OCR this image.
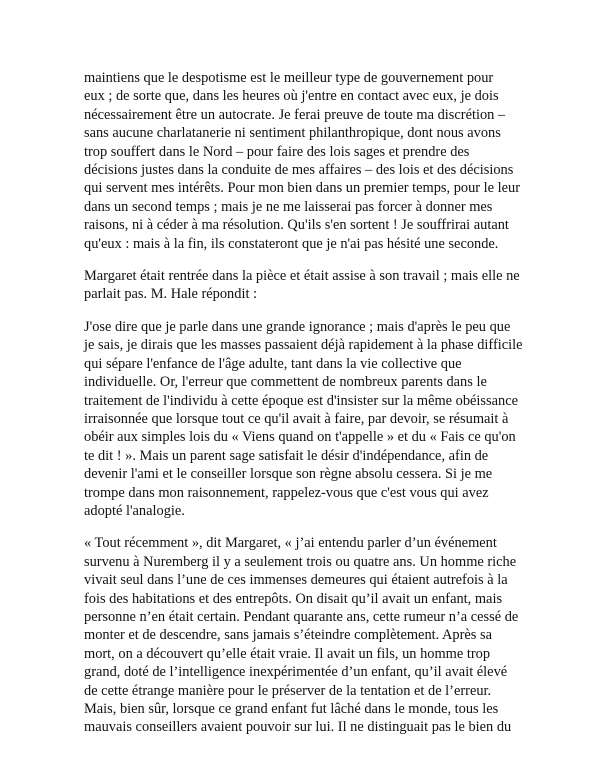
maintiens que le despotisme est le meilleur type de gouvernement pour
eux ; de sorte que, dans les heures où j'entre en contact avec eux, je dois
nécessairement être un autocrate. Je ferai preuve de toute ma discrétion –
sans aucune charlatanerie ni sentiment philanthropique, dont nous avons
trop souffert dans le Nord – pour faire des lois sages et prendre des
décisions justes dans la conduite de mes affaires – des lois et des décisions
qui servent mes intérêts. Pour mon bien dans un premier temps, pour le leur
dans un second temps ; mais je ne me laisserai pas forcer à donner mes
raisons, ni à céder à ma résolution. Qu'ils s'en sortent ! Je souffrirai autant
qu'eux : mais à la fin, ils constateront que je n'ai pas hésité une seconde.
Margaret était rentrée dans la pièce et était assise à son travail ; mais elle ne
parlait pas. M. Hale répondit :
J'ose dire que je parle dans une grande ignorance ; mais d'après le peu que
je sais, je dirais que les masses passaient déjà rapidement à la phase difficile
qui sépare l'enfance de l'âge adulte, tant dans la vie collective que
individuelle. Or, l'erreur que commettent de nombreux parents dans le
traitement de l'individu à cette époque est d'insister sur la même obéissance
irraisonnée que lorsque tout ce qu'il avait à faire, par devoir, se résumait à
obéir aux simples lois du « Viens quand on t'appelle » et du « Fais ce qu'on
te dit ! ». Mais un parent sage satisfait le désir d'indépendance, afin de
devenir l'ami et le conseiller lorsque son règne absolu cessera. Si je me
trompe dans mon raisonnement, rappelez-vous que c'est vous qui avez
adopté l'analogie.
« Tout récemment », dit Margaret, « j’ai entendu parler d’un événement
survenu à Nuremberg il y a seulement trois ou quatre ans. Un homme riche
vivait seul dans l’une de ces immenses demeures qui étaient autrefois à la
fois des habitations et des entrepôts. On disait qu’il avait un enfant, mais
personne n’en était certain. Pendant quarante ans, cette rumeur n’a cessé de
monter et de descendre, sans jamais s’éteindre complètement. Après sa
mort, on a découvert qu’elle était vraie. Il avait un fils, un homme trop
grand, doté de l’intelligence inexpérimentée d’un enfant, qu’il avait élevé
de cette étrange manière pour le préserver de la tentation et de l’erreur.
Mais, bien sûr, lorsque ce grand enfant fut lâché dans le monde, tous les
mauvais conseillers avaient pouvoir sur lui. Il ne distinguait pas le bien du
